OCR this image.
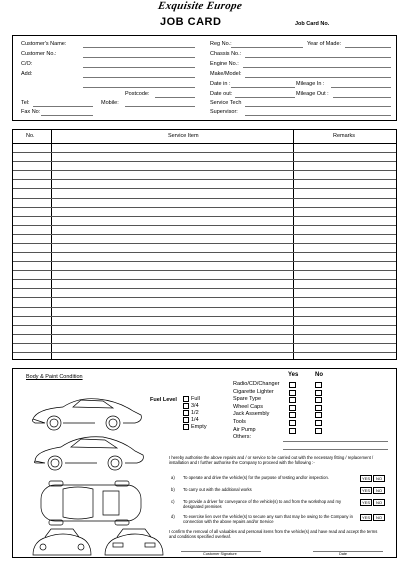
Exquisite Europe
JOB CARD	Job Card No.
Customer's Name:
Customer No.:
C/O:
Add:
Postcode:
Tel:	Mobile:
Fax No:
Reg No.:	Year of Made:
Chassis No.:
Engine No.:
Make/Model:
Date in :	Mileage In :
Date out:	Mileage Out :
Service Tech
Supervisor:
No.	Service Item	Remarks
Body & Paint Condition
Fuel Level	Full
3/4
1/2
1/4
Empty
Yes	No
Radio/CD/Changer
Cigarette Lighter
Spare Type
Wheel Caps
Jack Assembly
Tools
Air Pump
Others:
I hereby authorise the above repairs and / or service to be carried out with the necessary fitting / replacement / installation and I further authorise the Company to proceed with the following :-
a) To operate and drive the vehicle(s) for the purpose of testing and/or inspection.	YES	NO
b) To carry out with the additional works	YES	NO
c) To provide a driver for conveyance of the vehicle(s) to and from the workshop and my designated premises
YES	NO
d) To exercise lien over the vehicle(s) to secure any sum that may be owing to the Company in connection with the above repairs and/or Service
YES	NO
I confirm the removal of all valuables and personal items from the vehicle(s) and have read and accept the terms and conditions specified overleaf.
Customer Signature	Date
